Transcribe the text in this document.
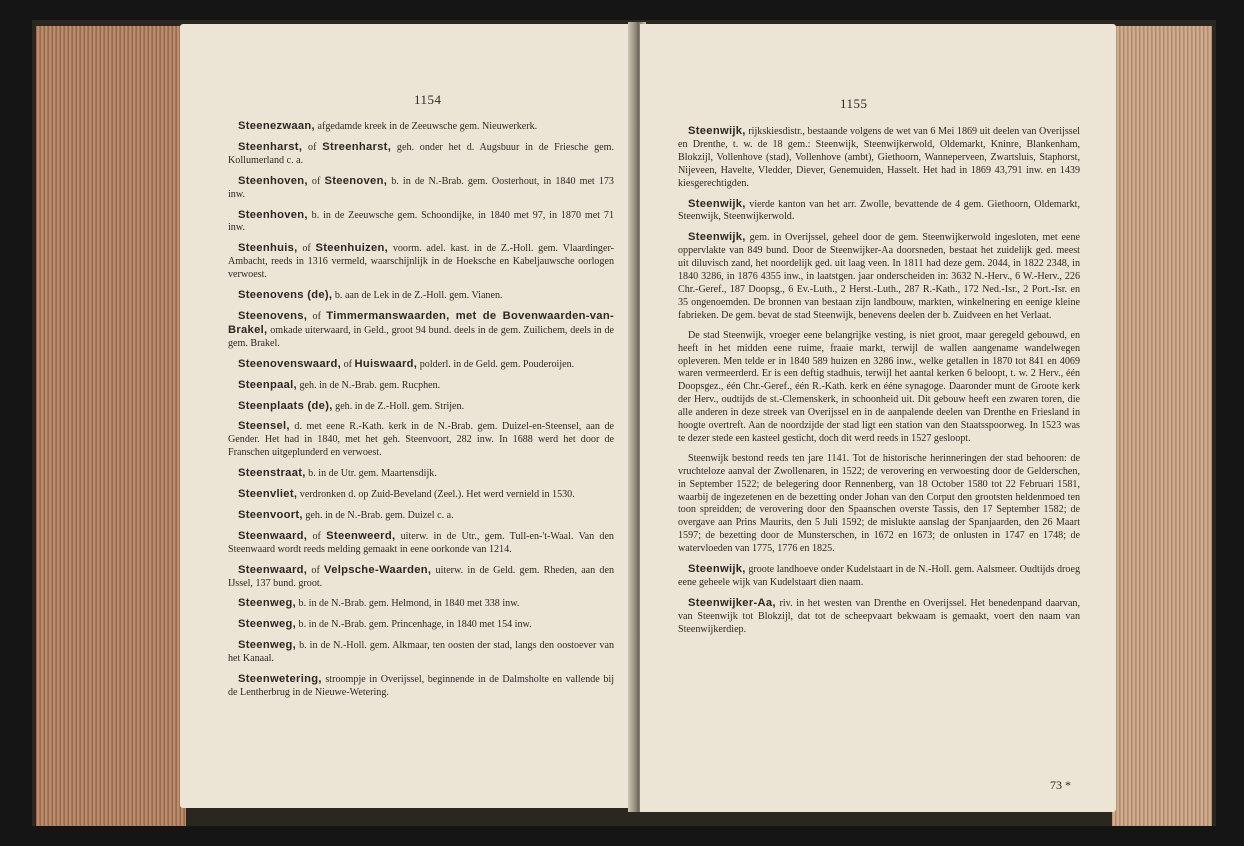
1154

Steenezwaan, afgedamde kreek in de Zeeuwsche gem. Nieuwerkerk.

Steenharst, of Streenharst, geh. onder het d. Augsbuur in de Friesche gem. Kollumerland c. a.

Steenhoven, of Steenoven, b. in de N.-Brab. gem. Oosterhout, in 1840 met 173 inw.

Steenhoven, b. in de Zeeuwsche gem. Schoondijke, in 1840 met 97, in 1870 met 71 inw.

Steenhuis, of Steenhuizen, voorm. adel. kast. in de Z.-Holl. gem. Vlaardinger-Ambacht, reeds in 1316 vermeld, waarschijnlijk in de Hoeksche en Kabeljauwsche oorlogen verwoest.

Steenovens (de), b. aan de Lek in de Z.-Holl. gem. Vianen.

Steenovens, of Timmermanswaarden, met de Bovenwaarden-van-Brakel, omkade uiterwaard, in Geld., groot 94 bund. deels in de gem. Zuilichem, deels in de gem. Brakel.

Steenovenswaard, of Huiswaard, polderl. in de Geld. gem. Pouderoijen.

Steenpaal, geh. in de N.-Brab. gem. Rucphen.

Steenplaats (de), geh. in de Z.-Holl. gem. Strijen.

Steensel, d. met eene R.-Kath. kerk in de N.-Brab. gem. Duizel-en-Steensel, aan de Gender. Het had in 1840, met het geh. Steenvoort, 282 inw. In 1688 werd het door de Franschen uitgeplunderd en verwoest.

Steenstraat, b. in de Utr. gem. Maartensdijk.

Steenvliet, verdronken d. op Zuid-Beveland (Zeel.). Het werd vernield in 1530.

Steenvoort, geh. in de N.-Brab. gem. Duizel c. a.

Steenwaard, of Steenweerd, uiterw. in de Utr., gem. Tull-en-'t-Waal. Van den Steenwaard wordt reeds melding gemaakt in eene oorkonde van 1214.

Steenwaard, of Velpsche-Waarden, uiterw. in de Geld. gem. Rheden, aan den IJssel, 137 bund. groot.

Steenweg, b. in de N.-Brab. gem. Helmond, in 1840 met 338 inw.

Steenweg, b. in de N.-Brab. gem. Princenhage, in 1840 met 154 inw.

Steenweg, b. in de N.-Holl. gem. Alkmaar, ten oosten der stad, langs den oostoever van het Kanaal.

Steenwetering, stroompje in Overijssel, beginnende in de Dalmsholte en vallende bij de Lentherbrug in de Nieuwe-Wetering.

1155

Steenwijk, rijkskiesdistr., bestaande volgens de wet van 6 Mei 1869 uit deelen van Overijssel en Drenthe, t. w. de 18 gem.: Steenwijk, Steenwijkerwold, Oldemarkt, Kninre, Blankenham, Blokzijl, Vollenhove (stad), Vollenhove (ambt), Giethoorn, Wanneperveen, Zwartsluis, Staphorst, Nijeveen, Havelte, Vledder, Diever, Genemuiden, Hasselt. Het had in 1869 43,791 inw. en 1439 kiesgerechtigden.

Steenwijk, vierde kanton van het arr. Zwolle, bevattende de 4 gem. Giethoorn, Oldemarkt, Steenwijk, Steenwijkerwold.

Steenwijk, gem. in Overijssel, geheel door de gem. Steenwijkerwold ingesloten, met eene oppervlakte van 849 bund. Door de Steenwijker-Aa doorsneden, bestaat het zuidelijk ged. meest uit diluvisch zand, het noordelijk ged. uit laag veen. In 1811 had deze gem. 2044, in 1822 2348, in 1840 3286, in 1876 4355 inw., in laatstgen. jaar onderscheiden in: 3632 N.-Herv., 6 W.-Herv., 226 Chr.-Geref., 187 Doopsg., 6 Ev.-Luth., 2 Herst.-Luth., 287 R.-Kath., 172 Ned.-Isr., 2 Port.-Isr. en 35 ongenoemden. De bronnen van bestaan zijn landbouw, markten, winkelnering en eenige kleine fabrieken. De gem. bevat de stad Steenwijk, benevens deelen der b. Zuidveen en het Verlaat.

De stad Steenwijk, vroeger eene belangrijke vesting, is niet groot, maar geregeld gebouwd, en heeft in het midden eene ruime, fraaie markt, terwijl de wallen aangename wandelwegen opleveren. Men telde er in 1840 589 huizen en 3286 inw., welke getallen in 1870 tot 841 en 4069 waren vermeerderd. Er is een deftig stadhuis, terwijl het aantal kerken 6 beloopt, t. w. 2 Herv., één Doopsgez., één Chr.-Geref., één R.-Kath. kerk en ééne synagoge. Daaronder munt de Groote kerk der Herv., oudtijds de st.-Clemenskerk, in schoonheid uit. Dit gebouw heeft een zwaren toren, die alle anderen in deze streek van Overijssel en in de aanpalende deelen van Drenthe en Friesland in hoogte overtreft. Aan de noordzijde der stad ligt een station van den Staatsspoorweg. In 1523 was te dezer stede een kasteel gesticht, doch dit werd reeds in 1527 gesloopt.

Steenwijk bestond reeds ten jare 1141. Tot de historische herinneringen der stad behooren: de vruchteloze aanval der Zwollenaren, in 1522; de verovering en verwoesting door de Gelderschen, in September 1522; de belegering door Rennenberg, van 18 October 1580 tot 22 Februari 1581, waarbij de ingezetenen en de bezetting onder Johan van den Corput den grootsten heldenmoed ten toon spreidden; de verovering door den Spaanschen overste Tassis, den 17 September 1582; de overgave aan Prins Maurits, den 5 Juli 1592; de mislukte aanslag der Spanjaarden, den 26 Maart 1597; de bezetting door de Munsterschen, in 1672 en 1673; de onlusten in 1747 en 1748; de watervloeden van 1775, 1776 en 1825.

Steenwijk, groote landhoeve onder Kudelstaart in de N.-Holl. gem. Aalsmeer. Oudtijds droeg eene geheele wijk van Kudelstaart dien naam.

Steenwijker-Aa, riv. in het westen van Drenthe en Overijssel. Het benedenpand daarvan, van Steenwijk tot Blokzijl, dat tot de scheepvaart bekwaam is gemaakt, voert den naam van Steenwijkerdiep.

73 *
